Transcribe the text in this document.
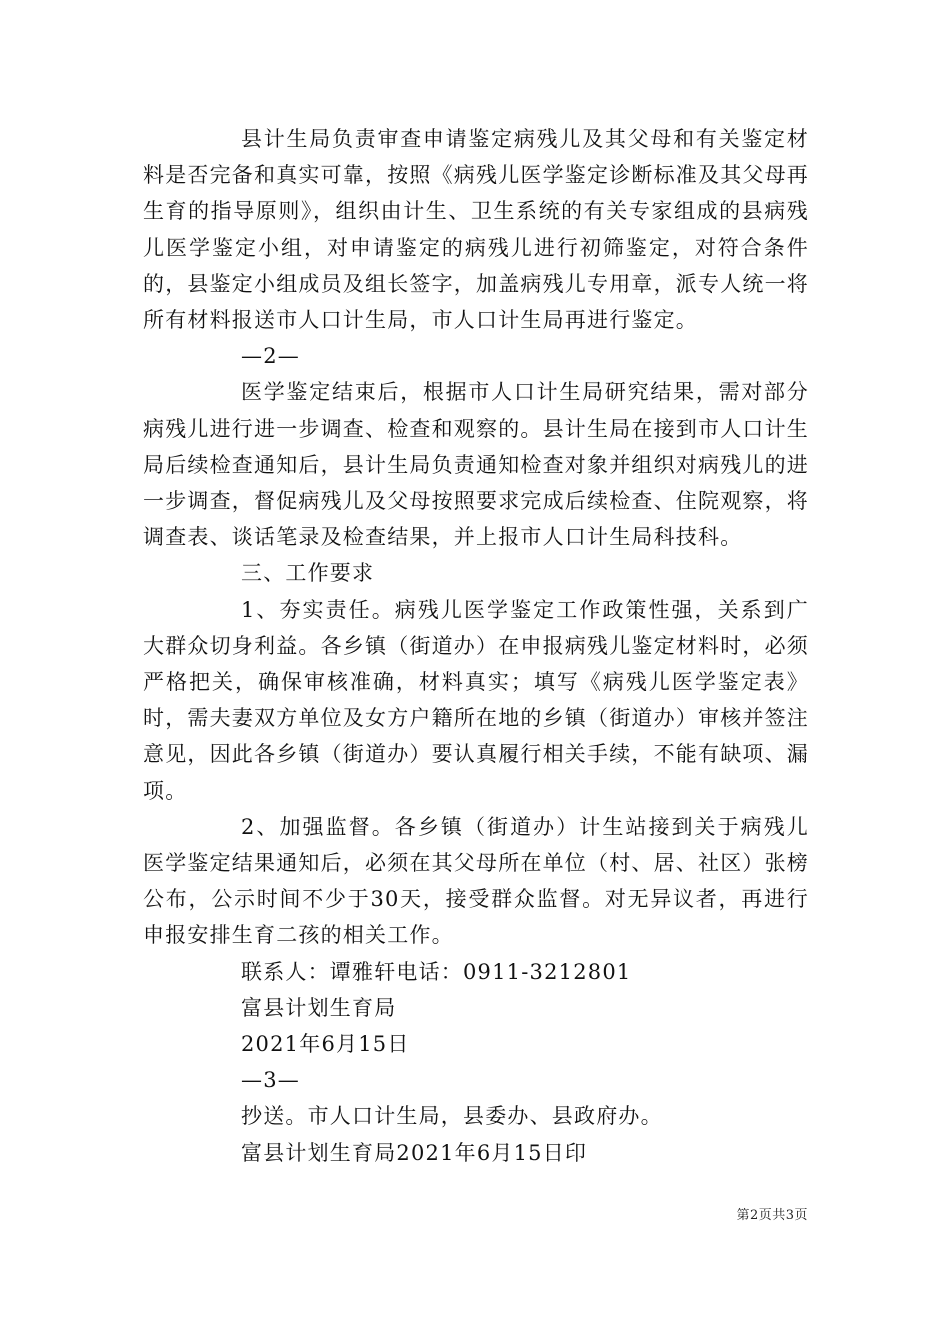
县计生局负责审查申请鉴定病残儿及其父母和有关鉴定材料是否完备和真实可靠，按照《病残儿医学鉴定诊断标准及其父母再生育的指导原则》，组织由计生、卫生系统的有关专家组成的县病残儿医学鉴定小组，对申请鉴定的病残儿进行初筛鉴定，对符合条件的，县鉴定小组成员及组长签字，加盖病残儿专用章，派专人统一将所有材料报送市人口计生局，市人口计生局再进行鉴定。

—2—

医学鉴定结束后，根据市人口计生局研究结果，需对部分病残儿进行进一步调查、检查和观察的。县计生局在接到市人口计生局后续检查通知后，县计生局负责通知检查对象并组织对病残儿的进一步调查，督促病残儿及父母按照要求完成后续检查、住院观察，将调查表、谈话笔录及检查结果，并上报市人口计生局科技科。

三、工作要求

1、夯实责任。病残儿医学鉴定工作政策性强，关系到广大群众切身利益。各乡镇（街道办）在申报病残儿鉴定材料时，必须严格把关，确保审核准确，材料真实；填写《病残儿医学鉴定表》时，需夫妻双方单位及女方户籍所在地的乡镇（街道办）审核并签注意见，因此各乡镇（街道办）要认真履行相关手续，不能有缺项、漏项。

2、加强监督。各乡镇（街道办）计生站接到关于病残儿医学鉴定结果通知后，必须在其父母所在单位（村、居、社区）张榜公布，公示时间不少于30天，接受群众监督。对无异议者，再进行申报安排生育二孩的相关工作。

联系人：谭雅轩电话：0911-3212801
富县计划生育局
2021年6月15日
—3—
抄送。市人口计生局，县委办、县政府办。
富县计划生育局2021年6月15日印
第2页共3页
